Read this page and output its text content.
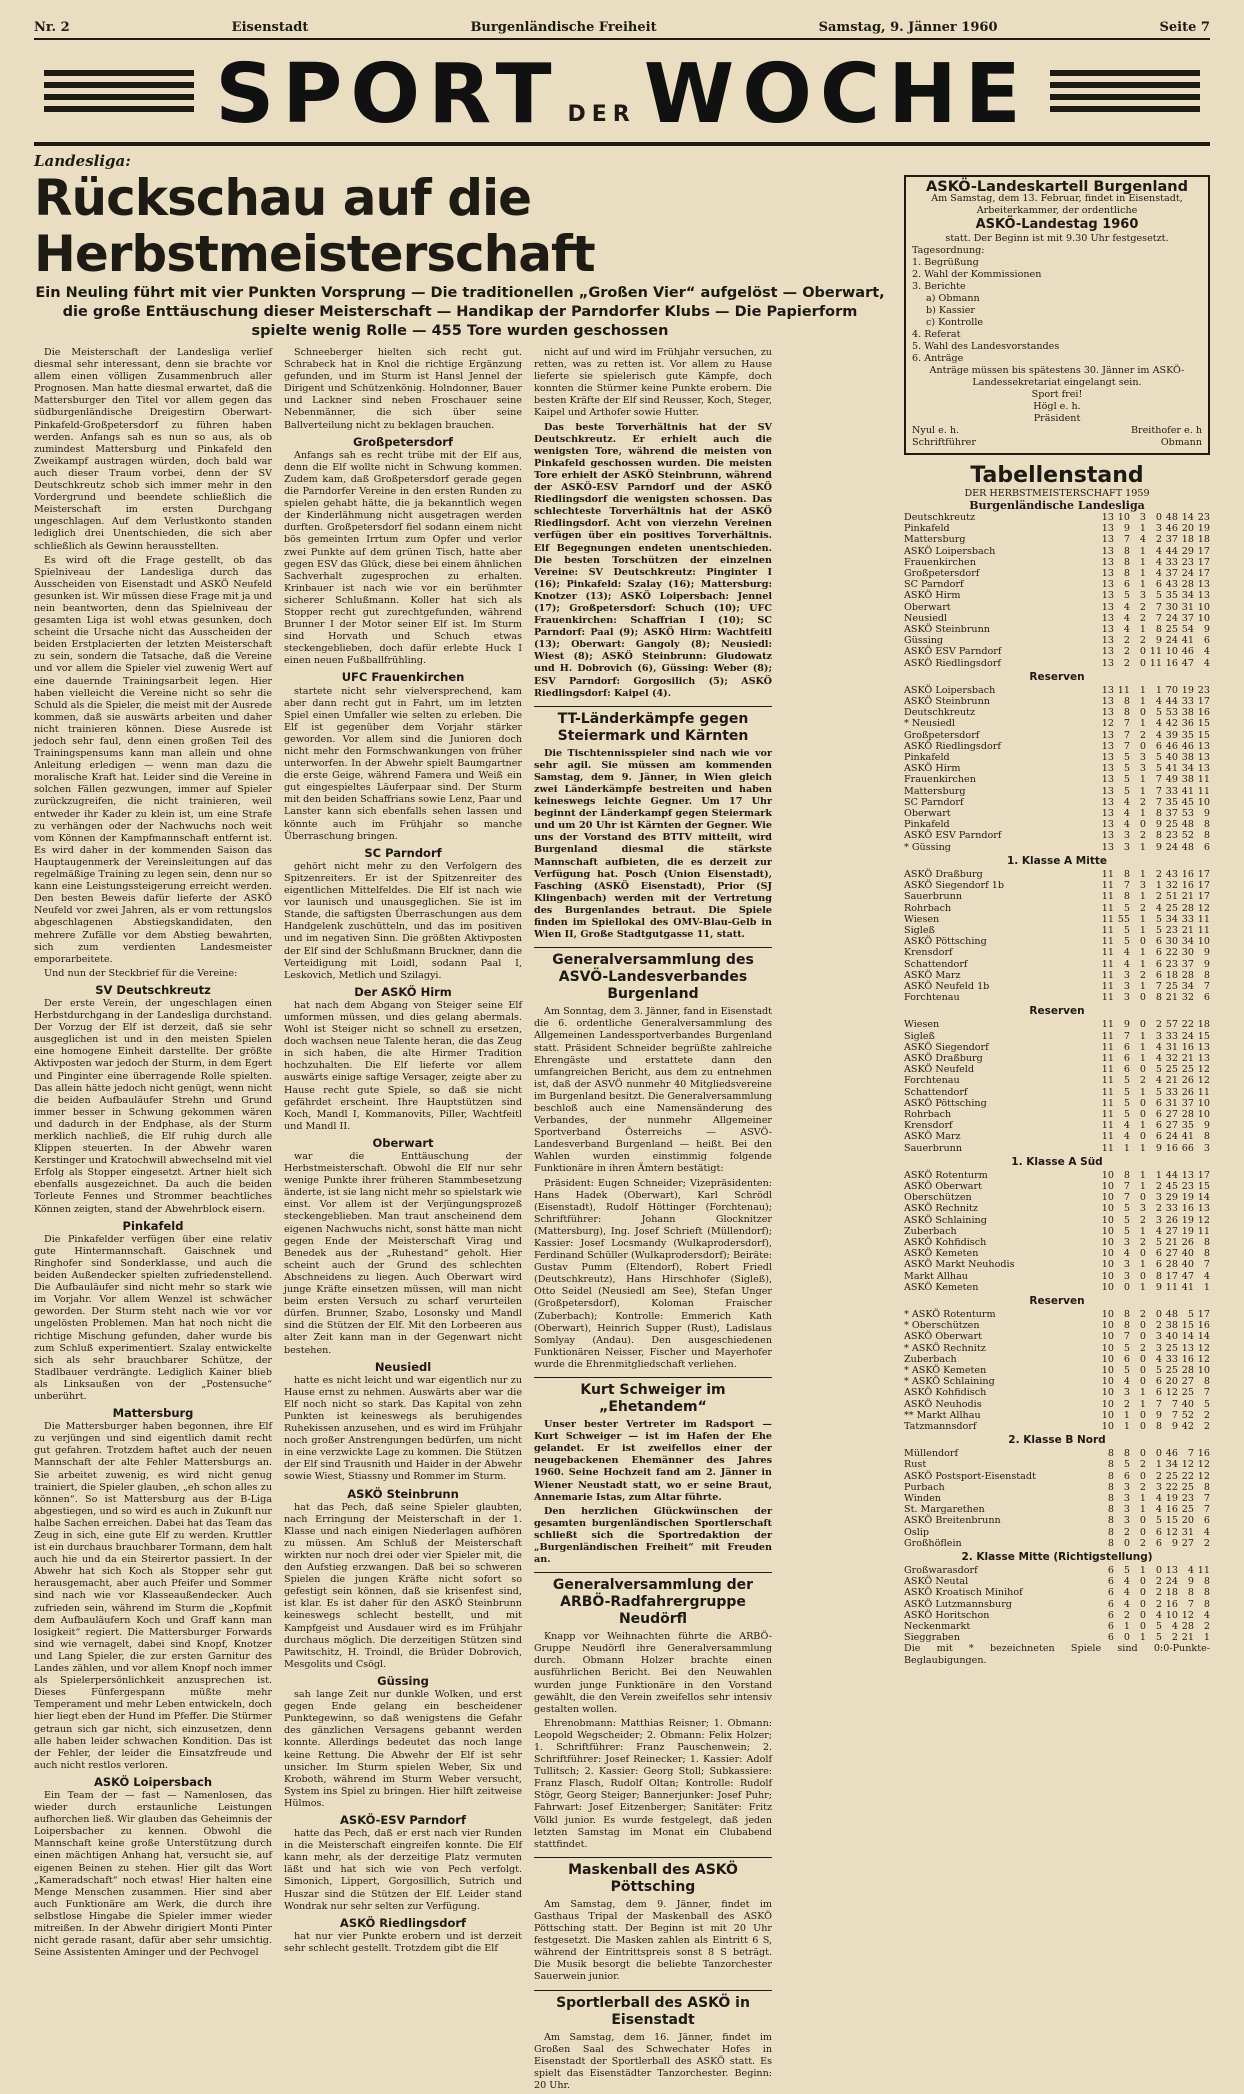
Nr. 2	Eisenstadt	Burgenländische Freiheit	Samstag, 9. Jänner 1960	Seite 7
SPORT DER WOCHE
Landesliga:
Rückschau auf die Herbstmeisterschaft
Ein Neuling führt mit vier Punkten Vorsprung — Die traditionellen „Großen Vier“ aufgelöst — Oberwart, die große Enttäuschung dieser Meisterschaft — Handikap der Parndorfer Klubs — Die Papierform spielte wenig Rolle — 455 Tore wurden geschossen

Die Meisterschaft der Landesliga verlief diesmal sehr interessant, denn sie brachte vor allem einen völligen Zusammenbruch aller Prognosen. Man hatte diesmal erwartet, daß die Mattersburger den Titel vor allem gegen das südburgenländische Dreigestirn Oberwart-Pinkafeld-Großpetersdorf zu führen haben werden. Anfangs sah es nun so aus, als ob zumindest Mattersburg und Pinkafeld den Zweikampf austragen würden, doch bald war auch dieser Traum vorbei, denn der SV Deutschkreutz schob sich immer mehr in den Vordergrund und beendete schließlich die Meisterschaft im ersten Durchgang ungeschlagen. Auf dem Verlustkonto standen lediglich drei Unentschieden, die sich aber schließlich als Gewinn herausstellten.

Es wird oft die Frage gestellt, ob das Spielniveau der Landesliga durch das Ausscheiden von Eisenstadt und ASKÖ Neufeld gesunken ist. Wir müssen diese Frage mit ja und nein beantworten, denn das Spielniveau der gesamten Liga ist wohl etwas gesunken, doch scheint die Ursache nicht das Ausscheiden der beiden Erstplacierten der letzten Meisterschaft zu sein, sondern die Tatsache, daß die Vereine und vor allem die Spieler viel zuwenig Wert auf eine dauernde Trainingsarbeit legen. Hier haben vielleicht die Vereine nicht so sehr die Schuld als die Spieler, die meist mit der Ausrede kommen, daß sie auswärts arbeiten und daher nicht trainieren können. Diese Ausrede ist jedoch sehr faul, denn einen großen Teil des Trainingspensums kann man allein und ohne Anleitung erledigen — wenn man dazu die moralische Kraft hat. Leider sind die Vereine in solchen Fällen gezwungen, immer auf Spieler zurückzugreifen, die nicht trainieren, weil entweder ihr Kader zu klein ist, um eine Strafe zu verhängen oder der Nachwuchs noch weit vom Können der Kampfmannschaft entfernt ist. Es wird daher in der kommenden Saison das Hauptaugenmerk der Vereinsleitungen auf das regelmäßige Training zu legen sein, denn nur so kann eine Leistungssteigerung erreicht werden. Den besten Beweis dafür lieferte der ASKÖ Neufeld vor zwei Jahren, als er vom rettungslos abgeschlagenen Abstiegskandidaten, den mehrere Zufälle vor dem Abstieg bewahrten, sich zum verdienten Landesmeister emporarbeitete.

Und nun der Steckbrief für die Vereine:

SV Deutschkreutz

Der erste Verein, der ungeschlagen einen Herbstdurchgang in der Landesliga durchstand. Der Vorzug der Elf ist derzeit, daß sie sehr ausgeglichen ist und in den meisten Spielen eine homogene Einheit darstellte. Der größte Aktivposten war jedoch der Sturm, in dem Egert und Pinginter eine überragende Rolle spielten. Das allein hätte jedoch nicht genügt, wenn nicht die beiden Aufbauläufer Strehn und Grund immer besser in Schwung gekommen wären und dadurch in der Endphase, als der Sturm merklich nachließ, die Elf ruhig durch alle Klippen steuerten. In der Abwehr waren Kerstinger und Kratochwill abwechselnd mit viel Erfolg als Stopper eingesetzt. Artner hielt sich ebenfalls ausgezeichnet. Da auch die beiden Torleute Fennes und Strommer beachtliches Können zeigten, stand der Abwehrblock eisern.

Pinkafeld

Die Pinkafelder verfügen über eine relativ gute Hintermannschaft. Gaischnek und Ringhofer sind Sonderklasse, und auch die beiden Außendecker spielten zufriedenstellend. Die Aufbauläufer sind nicht mehr so stark wie im Vorjahr. Vor allem Wenzel ist schwächer geworden. Der Sturm steht nach wie vor vor ungelösten Problemen. Man hat noch nicht die richtige Mischung gefunden, daher wurde bis zum Schluß experimentiert. Szalay entwickelte sich als sehr brauchbarer Schütze, der Stadlbauer verdrängte. Lediglich Kainer blieb als Linksaußen von der „Postensuche“ unberührt.

Mattersburg

Die Mattersburger haben begonnen, ihre Elf zu verjüngen und sind eigentlich damit recht gut gefahren. Trotzdem haftet auch der neuen Mannschaft der alte Fehler Mattersburgs an. Sie arbeitet zuwenig, es wird nicht genug trainiert, die Spieler glauben, „eh schon alles zu können“. So ist Mattersburg aus der B-Liga abgestiegen, und so wird es auch in Zukunft nur halbe Sachen erreichen. Dabei hat das Team das Zeug in sich, eine gute Elf zu werden. Kruttler ist ein durchaus brauchbarer Tormann, dem halt auch hie und da ein Steirertor passiert. In der Abwehr hat sich Koch als Stopper sehr gut herausgemacht, aber auch Pfeifer und Sommer sind nach wie vor Klasseaußendecker. Auch zufrieden sein, während im Sturm die „Kopfmit dem Aufbauläufern Koch und Graff kann man losigkeit“ regiert. Die Mattersburger Forwards sind wie vernagelt, dabei sind Knopf, Knotzer und Lang Spieler, die zur ersten Garnitur des Landes zählen, und vor allem Knopf noch immer als Spielerpersönlichkeit anzusprechen ist. Dieses Fünfergespann müßte mehr Temperament und mehr Leben entwickeln, doch hier liegt eben der Hund im Pfeffer. Die Stürmer getraun sich gar nicht, sich einzusetzen, denn alle haben leider schwachen Kondition. Das ist der Fehler, der leider die Einsatzfreude und auch nicht restlos verloren.

ASKÖ Loipersbach

Ein Team der — fast — Namenlosen, das wieder durch erstaunliche Leistungen aufhorchen ließ. Wir glauben das Geheimnis der Loipersbacher zu kennen. Obwohl die Mannschaft keine große Unterstützung durch einen mächtigen Anhang hat, versucht sie, auf eigenen Beinen zu stehen. Hier gilt das Wort „Kameradschaft“ noch etwas! Hier halten eine Menge Menschen zusammen. Hier sind aber auch Funktionäre am Werk, die durch ihre selbstlose Hingabe die Spieler immer wieder mitreißen. In der Abwehr dirigiert Monti Pinter nicht gerade rasant, dafür aber sehr umsichtig. Seine Assistenten Aminger und der Pechvogel

Schneeberger hielten sich recht gut. Schrabeck hat in Knol die richtige Ergänzung gefunden, und im Sturm ist Hansl Jennel der Dirigent und Schützenkönig. Holndonner, Bauer und Lackner sind neben Froschauer seine Nebenmänner, die sich über seine Ballverteilung nicht zu beklagen brauchen.

Großpetersdorf

Anfangs sah es recht trübe mit der Elf aus, denn die Elf wollte nicht in Schwung kommen. Zudem kam, daß Großpetersdorf gerade gegen die Parndorfer Vereine in den ersten Runden zu spielen gehabt hätte, die ja bekanntlich wegen der Kinderlähmung nicht ausgetragen werden durften. Großpetersdorf fiel sodann einem nicht bös gemeinten Irrtum zum Opfer und verlor zwei Punkte auf dem grünen Tisch, hatte aber gegen ESV das Glück, diese bei einem ähnlichen Sachverhalt zugesprochen zu erhalten. Krinbauer ist nach wie vor ein berühmter sicherer Schlußmann. Koller hat sich als Stopper recht gut zurechtgefunden, während Brunner I der Motor seiner Elf ist. Im Sturm sind Horvath und Schuch etwas steckengeblieben, doch dafür erlebte Huck I einen neuen Fußballfrühling.

UFC Frauenkirchen

startete nicht sehr vielversprechend, kam aber dann recht gut in Fahrt, um im letzten Spiel einen Umfaller wie selten zu erleben. Die Elf ist gegenüber dem Vorjahr stärker geworden. Vor allem sind die Junioren doch nicht mehr den Formschwankungen von früher unterworfen. In der Abwehr spielt Baumgartner die erste Geige, während Famera und Weiß ein gut eingespieltes Läuferpaar sind. Der Sturm mit den beiden Schaffrians sowie Lenz, Paar und Lanster kann sich ebenfalls sehen lassen und könnte auch im Frühjahr so manche Überraschung bringen.

SC Parndorf

gehört nicht mehr zu den Verfolgern des Spitzenreiters. Er ist der Spitzenreiter des eigentlichen Mittelfeldes. Die Elf ist nach wie vor launisch und unausgeglichen. Sie ist im Stande, die saftigsten Überraschungen aus dem Handgelenk zuschütteln, und das im positiven und im negativen Sinn. Die größten Aktivposten der Elf sind der Schlußmann Bruckner, dann die Verteidigung mit Loidl, sodann Paal I, Leskovich, Metlich und Szilagyi.

Der ASKÖ Hirm

hat nach dem Abgang von Steiger seine Elf umformen müssen, und dies gelang abermals. Wohl ist Steiger nicht so schnell zu ersetzen, doch wachsen neue Talente heran, die das Zeug in sich haben, die alte Hirmer Tradition hochzuhalten. Die Elf lieferte vor allem auswärts einige saftige Versager, zeigte aber zu Hause recht gute Spiele, so daß sie nicht gefährdet erscheint. Ihre Hauptstützen sind Koch, Mandl I, Kommanovits, Piller, Wachtfeitl und Mandl II.

Oberwart

war die Enttäuschung der Herbstmeisterschaft. Obwohl die Elf nur sehr wenige Punkte ihrer früheren Stammbesetzung änderte, ist sie lang nicht mehr so spielstark wie einst. Vor allem ist der Verjüngungsprozeß steckengeblieben. Man traut anscheinend dem eigenen Nachwuchs nicht, sonst hätte man nicht gegen Ende der Meisterschaft Virag und Benedek aus der „Ruhestand“ geholt. Hier scheint auch der Grund des schlechten Abschneidens zu liegen. Auch Oberwart wird junge Kräfte einsetzen müssen, will man nicht beim ersten Versuch zu scharf verurteilen dürfen. Brunner, Szabo, Losonsky und Mandl sind die Stützen der Elf. Mit den Lorbeeren aus alter Zeit kann man in der Gegenwart nicht bestehen.

Neusiedl

hatte es nicht leicht und war eigentlich nur zu Hause ernst zu nehmen. Auswärts aber war die Elf noch nicht so stark. Das Kapital von zehn Punkten ist keineswegs als beruhigendes Ruhekissen anzusehen, und es wird im Frühjahr noch großer Anstrengungen bedürfen, um nicht in eine verzwickte Lage zu kommen. Die Stützen der Elf sind Trausnith und Haider in der Abwehr sowie Wiest, Stiassny und Rommer im Sturm.

ASKÖ Steinbrunn

hat das Pech, daß seine Spieler glaubten, nach Erringung der Meisterschaft in der 1. Klasse und nach einigen Niederlagen aufhören zu müssen. Am Schluß der Meisterschaft wirkten nur noch drei oder vier Spieler mit, die den Aufstieg erzwangen. Daß bei so schweren Spielen die jungen Kräfte nicht sofort so gefestigt sein können, daß sie krisenfest sind, ist klar. Es ist daher für den ASKÖ Steinbrunn keineswegs schlecht bestellt, und mit Kampfgeist und Ausdauer wird es im Frühjahr durchaus möglich. Die derzeitigen Stützen sind Pawitschitz, H. Troindl, die Brüder Dobrovich, Mesgolits und Csögl.

Güssing

sah lange Zeit nur dunkle Wolken, und erst gegen Ende gelang ein bescheidener Punktegewinn, so daß wenigstens die Gefahr des gänzlichen Versagens gebannt werden konnte. Allerdings bedeutet das noch lange keine Rettung. Die Abwehr der Elf ist sehr unsicher. Im Sturm spielen Weber, Six und Kroboth, während im Sturm Weber versucht, System ins Spiel zu bringen. Hier hilft zeitweise Hülmos.

ASKÖ-ESV Parndorf

hatte das Pech, daß er erst nach vier Runden in die Meisterschaft eingreifen konnte. Die Elf kann mehr, als der derzeitige Platz vermuten läßt und hat sich wie von Pech verfolgt. Simonich, Lippert, Gorgosillich, Sutrich und Huszar sind die Stützen der Elf. Leider stand Wondrak nur sehr selten zur Verfügung.

ASKÖ Riedlingsdorf

hat nur vier Punkte erobern und ist derzeit sehr schlecht gestellt. Trotzdem gibt die Elf

nicht auf und wird im Frühjahr versuchen, zu retten, was zu retten ist. Vor allem zu Hause lieferte sie spielerisch gute Kämpfe, doch konnten die Stürmer keine Punkte erobern. Die besten Kräfte der Elf sind Reusser, Koch, Steger, Kaipel und Arthofer sowie Hutter.

Das beste Torverhältnis hat der SV Deutschkreutz. Er erhielt auch die wenigsten Tore, während die meisten von Pinkafeld geschossen wurden. Die meisten Tore erhielt der ASKÖ Steinbrunn, während der ASKÖ-ESV Parndorf und der ASKÖ Riedlingsdorf die wenigsten schossen. Das schlechteste Torverhältnis hat der ASKÖ Riedlingsdorf. Acht von vierzehn Vereinen verfügen über ein positives Torverhältnis. Elf Begegnungen endeten unentschieden. Die besten Torschützen der einzelnen Vereine: SV Deutschkreutz: Pinginter I (16); Pinkafeld: Szalay (16); Mattersburg: Knotzer (13); ASKÖ Loipersbach: Jennel (17); Großpetersdorf: Schuch (10); UFC Frauenkirchen: Schaffrian I (10); SC Parndorf: Paal (9); ASKÖ Hirm: Wachtfeitl (13); Oberwart: Gangoly (8); Neusiedl: Wiest (8); ASKÖ Steinbrunn: Gludowatz und H. Dobrovich (6), Güssing: Weber (8); ESV Parndorf: Gorgosilich (5); ASKÖ Riedlingsdorf: Kaipel (4).

TT-Länderkämpfe gegen Steiermark und Kärnten

Die Tischtennisspieler sind nach wie vor sehr agil. Sie müssen am kommenden Samstag, dem 9. Jänner, in Wien gleich zwei Länderkämpfe bestreiten und haben keineswegs leichte Gegner. Um 17 Uhr beginnt der Länderkampf gegen Steiermark und um 20 Uhr ist Kärnten der Gegner. Wie uns der Vorstand des BTTV mitteilt, wird Burgenland diesmal die stärkste Mannschaft aufbieten, die es derzeit zur Verfügung hat. Posch (Union Eisenstadt), Fasching (ASKÖ Eisenstadt), Prior (SJ Klingenbach) werden mit der Vertretung des Burgenlandes betraut. Die Spiele finden im Spiellokal des OMV-Blau-Gelb in Wien II, Große Stadtgutgasse 11, statt.

Generalversammlung des ASVÖ-Landesverbandes Burgenland

Am Sonntag, dem 3. Jänner, fand in Eisenstadt die 6. ordentliche Generalversammlung des Allgemeinen Landessportverbandes Burgenland statt. Präsident Schneider begrüßte zahlreiche Ehrengäste und erstattete dann den umfangreichen Bericht, aus dem zu entnehmen ist, daß der ASVÖ nunmehr 40 Mitgliedsvereine im Burgenland besitzt. Die Generalversammlung beschloß auch eine Namensänderung des Verbandes, der nunmehr Allgemeiner Sportverband Österreichs — ASVÖ-Landesverband Burgenland — heißt. Bei den Wahlen wurden einstimmig folgende Funktionäre in ihren Ämtern bestätigt:

Präsident: Eugen Schneider; Vizepräsidenten: Hans Hadek (Oberwart), Karl Schrödl (Eisenstadt), Rudolf Höttinger (Forchtenau); Schriftführer: Johann Glocknitzer (Mattersburg), Ing. Josef Schrieft (Müllendorf); Kassier: Josef Locsmandy (Wulkaprodersdorf), Ferdinand Schüller (Wulkaprodersdorf); Beiräte: Gustav Pumm (Eltendorf), Robert Friedl (Deutschkreutz), Hans Hirschhofer (Sigleß), Otto Seidel (Neusiedl am See), Stefan Unger (Großpetersdorf), Koloman Fraischer (Zuberbach); Kontrolle: Emmerich Kath (Oberwart), Heinrich Supper (Rust), Ladislaus Somlyay (Andau). Den ausgeschiedenen Funktionären Neisser, Fischer und Mayerhofer wurde die Ehrenmitgliedschaft verliehen.

Kurt Schweiger im „Ehetandem“

Unser bester Vertreter im Radsport — Kurt Schweiger — ist im Hafen der Ehe gelandet. Er ist zweifellos einer der neugebackenen Ehemänner des Jahres 1960. Seine Hochzeit fand am 2. Jänner in Wiener Neustadt statt, wo er seine Braut, Annemarie Istas, zum Altar führte.

Den herzlichen Glückwünschen der gesamten burgenländischen Sportlerschaft schließt sich die Sportredaktion der „Burgenländischen Freiheit“ mit Freuden an.

Generalversammlung der ARBÖ-Radfahrergruppe Neudörfl

Knapp vor Weihnachten führte die ARBÖ-Gruppe Neudörfl ihre Generalversammlung durch. Obmann Holzer brachte einen ausführlichen Bericht. Bei den Neuwahlen wurden junge Funktionäre in den Vorstand gewählt, die den Verein zweifellos sehr intensiv gestalten wollen.

Ehrenobmann: Matthias Reisner; 1. Obmann: Leopold Wegscheider; 2. Obmann: Felix Holzer; 1. Schriftführer: Franz Pauschenwein; 2. Schriftführer: Josef Reinecker; 1. Kassier: Adolf Tullitsch; 2. Kassier: Georg Stoll; Subkassiere: Franz Flasch, Rudolf Oltan; Kontrolle: Rudolf Stögr, Georg Steiger; Bannerjunker: Josef Puhr; Fahrwart: Josef Eitzenberger; Sanitäter: Fritz Völkl junior. Es wurde festgelegt, daß jeden letzten Samstag im Monat ein Clubabend stattfindet.

Maskenball des ASKÖ Pöttsching

Am Samstag, dem 9. Jänner, findet im Gasthaus Tripal der Maskenball des ASKÖ Pöttsching statt. Der Beginn ist mit 20 Uhr festgesetzt. Die Masken zahlen als Eintritt 6 S, während der Eintrittspreis sonst 8 S beträgt. Die Musik besorgt die beliebte Tanzorchester Sauerwein junior.

Sportlerball des ASKÖ in Eisenstadt

Am Samstag, dem 16. Jänner, findet im Großen Saal des Schwechater Hofes in Eisenstadt der Sportlerball des ASKÖ statt. Es spielt das Eisenstädter Tanzorchester. Beginn: 20 Uhr.

ASKÖ-Landeskartell Burgenland
Am Samstag, dem 13. Februar, findet in Eisenstadt, Arbeiterkammer, der ordentliche
ASKÖ-Landestag 1960
statt. Der Beginn ist mit 9.30 Uhr festgesetzt.
Tagesordnung:
1. Begrüßung
2. Wahl der Kommissionen
3. Berichte
a) Obmann
b) Kassier
c) Kontrolle
4. Referat
5. Wahl des Landesvorstandes
6. Anträge
Anträge müssen bis spätestens 30. Jänner im ASKÖ-Landessekretariat eingelangt sein.
Sport frei!
Högl e. h.
Präsident
Nyul e. h.	Breithofer e. h
Schriftführer	Obmann
Tabellenstand
DER HERBSTMEISTERSCHAFT 1959
Burgenländische Landesliga
Deutschkreutz	13	10	3	0	48	14	23
Pinkafeld	13	9	1	3	46	20	19
Mattersburg	13	7	4	2	37	18	18
ASKÖ Loipersbach	13	8	1	4	44	29	17
Frauenkirchen	13	8	1	4	33	23	17
Großpetersdorf	13	8	1	4	37	24	17
SC Parndorf	13	6	1	6	43	28	13
ASKÖ Hirm	13	5	3	5	35	34	13
Oberwart	13	4	2	7	30	31	10
Neusiedl	13	4	2	7	24	37	10
ASKÖ Steinbrunn	13	4	1	8	25	54	9
Güssing	13	2	2	9	24	41	6
ASKÖ ESV Parndorf	13	2	0	11	10	46	4
ASKÖ Riedlingsdorf	13	2	0	11	16	47	4
Reserven
ASKÖ Loipersbach	13	11	1	1	70	19	23
ASKÖ Steinbrunn	13	8	1	4	44	33	17
Deutschkreutz	13	8	0	5	53	38	16
* Neusiedl	12	7	1	4	42	36	15
Großpetersdorf	13	7	2	4	39	35	15
ASKÖ Riedlingsdorf	13	7	0	6	46	46	13
Pinkafeld	13	5	3	5	40	38	13
ASKÖ Hirm	13	5	3	5	41	34	13
Frauenkirchen	13	5	1	7	49	38	11
Mattersburg	13	5	1	7	33	41	11
SC Parndorf	13	4	2	7	35	45	10
Oberwart	13	4	1	8	37	53	9
Pinkafeld	13	4	0	9	25	48	8
ASKÖ ESV Parndorf	13	3	2	8	23	52	8
* Güssing	13	3	1	9	24	48	6
1. Klasse A Mitte
ASKÖ Draßburg	11	8	1	2	43	16	17
ASKÖ Siegendorf 1b	11	7	3	1	32	16	17
Sauerbrunn	11	8	1	2	51	21	17
Rohrbach	11	5	2	4	25	28	12
Wiesen	11	55	1	5	34	33	11
Sigleß	11	5	1	5	23	21	11
ASKÖ Pöttsching	11	5	0	6	30	34	10
Krensdorf	11	4	1	6	22	30	9
Schattendorf	11	4	1	6	23	37	9
ASKÖ Marz	11	3	2	6	18	28	8
ASKÖ Neufeld 1b	11	3	1	7	25	34	7
Forchtenau	11	3	0	8	21	32	6
Reserven
Wiesen	11	9	0	2	57	22	18
Sigleß	11	7	1	3	33	24	15
ASKÖ Siegendorf	11	6	1	4	31	16	13
ASKÖ Draßburg	11	6	1	4	32	21	13
ASKÖ Neufeld	11	6	0	5	25	25	12
Forchtenau	11	5	2	4	21	26	12
Schattendorf	11	5	1	5	33	26	11
ASKÖ Pöttsching	11	5	0	6	31	37	10
Rohrbach	11	5	0	6	27	28	10
Krensdorf	11	4	1	6	27	35	9
ASKÖ Marz	11	4	0	6	24	41	8
Sauerbrunn	11	1	1	9	16	66	3
1. Klasse A Süd
ASKÖ Rotenturm	10	8	1	1	44	13	17
ASKÖ Oberwart	10	7	1	2	45	23	15
Oberschützen	10	7	0	3	29	19	14
ASKÖ Rechnitz	10	5	3	2	33	16	13
ASKÖ Schlaining	10	5	2	3	26	19	12
Zuberbach	10	5	1	4	27	19	11
ASKÖ Kohfidisch	10	3	2	5	21	26	8
ASKÖ Kemeten	10	4	0	6	27	40	8
ASKÖ Markt Neuhodis	10	3	1	6	28	40	7
Markt Allhau	10	3	0	8	17	47	4
ASKÖ Kemeten	10	0	1	9	11	41	1
Reserven
* ASKÖ Rotenturm	10	8	2	0	48	5	17
* Oberschützen	10	8	0	2	38	15	16
ASKÖ Oberwart	10	7	0	3	40	14	14
* ASKÖ Rechnitz	10	5	2	3	25	13	12
Zuberbach	10	6	0	4	33	16	12
* ASKÖ Kemeten	10	5	0	5	25	28	10
* ASKÖ Schlaining	10	4	0	6	20	27	8
ASKÖ Kohfidisch	10	3	1	6	12	25	7
ASKÖ Neuhodis	10	2	1	7	7	40	5
** Markt Allhau	10	1	0	9	7	52	2
Tatzmannsdorf	10	1	0	8	9	42	2
2. Klasse B Nord
Müllendorf	8	8	0	0	46	7	16
Rust	8	5	2	1	34	12	12
ASKÖ Postsport-Eisenstadt	8	6	0	2	25	22	12
Purbach	8	3	2	3	22	25	8
Winden	8	3	1	4	19	23	7
St. Margarethen	8	3	1	4	16	25	7
ASKÖ Breitenbrunn	8	3	0	5	15	20	6
Oslip	8	2	0	6	12	31	4
Großhöflein	8	0	2	6	9	27	2
2. Klasse Mitte (Richtigstellung)
Großwarasdorf	6	5	1	0	13	4	11
ASKÖ Neutal	6	4	0	2	24	9	8
ASKÖ Kroatisch Minihof	6	4	0	2	18	8	8
ASKÖ Lutzmannsburg	6	4	0	2	16	7	8
ASKÖ Horitschon	6	2	0	4	10	12	4
Neckenmarkt	6	1	0	5	4	28	2
Sieggraben	6	0	1	5	2	21	1
Die mit * bezeichneten Spiele sind 0:0-Punkte-Beglaubigungen.
